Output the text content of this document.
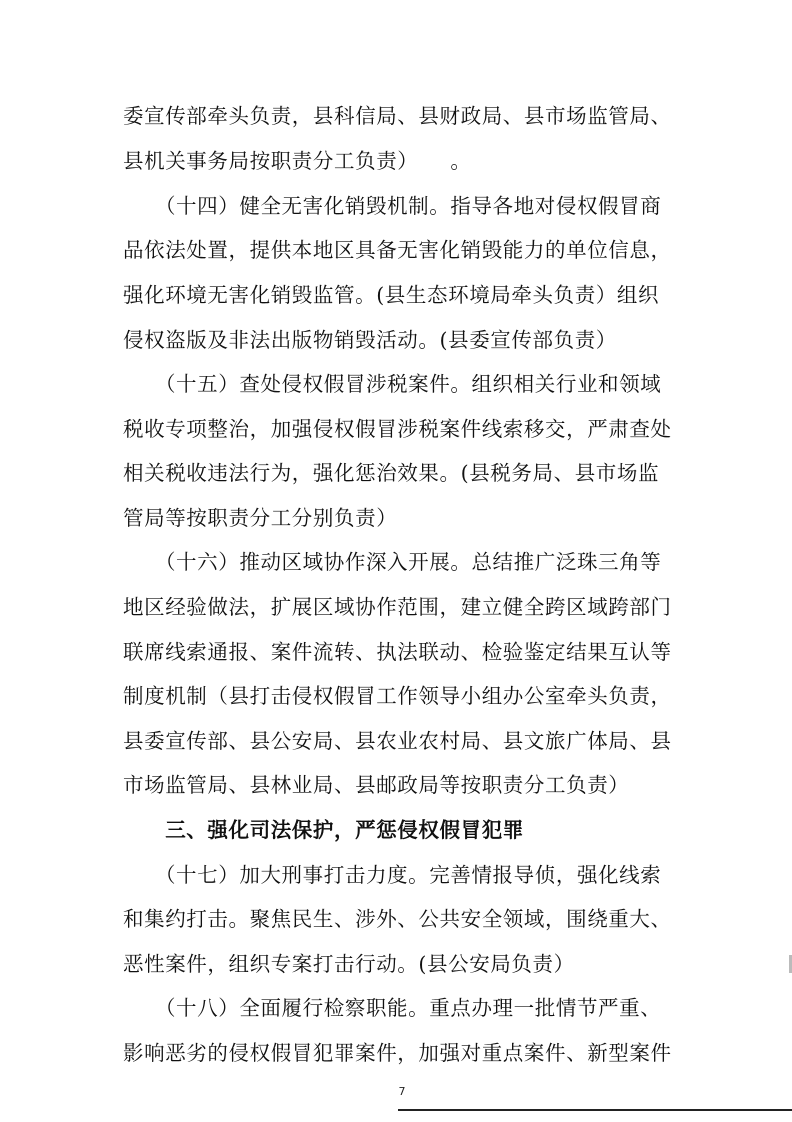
委宣传部牵头负责，县科信局、县财政局、县市场监管局、
县机关事务局按职责分工负责）　　。
　　（十四）健全无害化销毁机制。指导各地对侵权假冒商
品依法处置，提供本地区具备无害化销毁能力的单位信息，
强化环境无害化销毁监管。(县生态环境局牵头负责）组织
侵权盗版及非法出版物销毁活动。(县委宣传部负责）
　　（十五）查处侵权假冒涉税案件。组织相关行业和领域
税收专项整治，加强侵权假冒涉税案件线索移交，严肃查处
相关税收违法行为，强化惩治效果。(县税务局、县市场监
管局等按职责分工分别负责）
　　（十六）推动区域协作深入开展。总结推广泛珠三角等
地区经验做法，扩展区域协作范围，建立健全跨区域跨部门
联席线索通报、案件流转、执法联动、检验鉴定结果互认等
制度机制（县打击侵权假冒工作领导小组办公室牵头负责，
县委宣传部、县公安局、县农业农村局、县文旅广体局、县
市场监管局、县林业局、县邮政局等按职责分工负责）
　　三、强化司法保护，严惩侵权假冒犯罪
　　（十七）加大刑事打击力度。完善情报导侦，强化线索
和集约打击。聚焦民生、涉外、公共安全领域，围绕重大、
恶性案件，组织专案打击行动。(县公安局负责）
　　（十八）全面履行检察职能。重点办理一批情节严重、
影响恶劣的侵权假冒犯罪案件，加强对重点案件、新型案件
7
